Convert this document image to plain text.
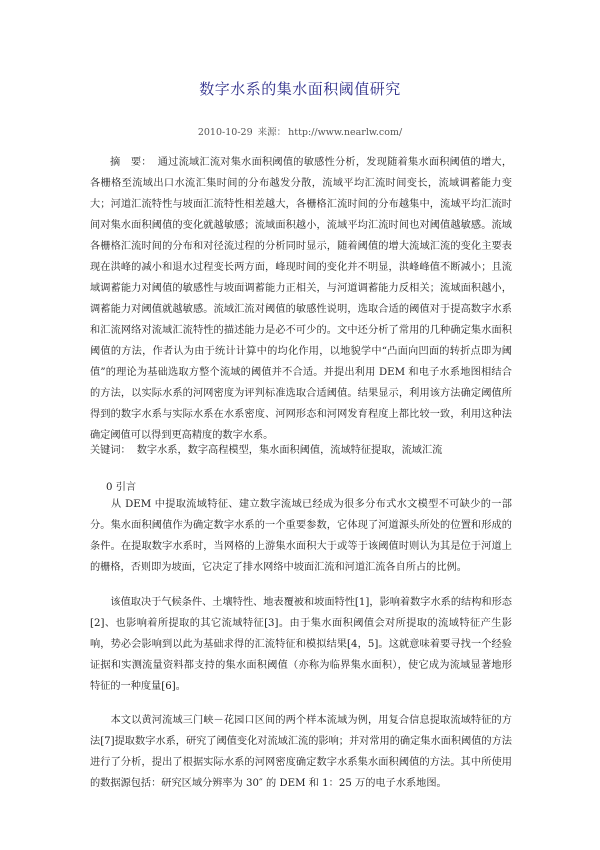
数字水系的集水面积阈值研究
2010-10-29 来源： http://www.nearlw.com/
摘　要： 通过流域汇流对集水面积阈值的敏感性分析，发现随着集水面积阈值的增大，各栅格至流域出口水流汇集时间的分布越发分散，流域平均汇流时间变长，流域调蓄能力变大；河道汇流特性与坡面汇流特性相差越大，各栅格汇流时间的分布越集中，流域平均汇流时间对集水面积阈值的变化就越敏感；流域面积越小，流域平均汇流时间也对阈值越敏感。流域各栅格汇流时间的分布和对径流过程的分析同时显示，随着阈值的增大流域汇流的变化主要表现在洪峰的减小和退水过程变长两方面，峰现时间的变化并不明显，洪峰峰值不断减小；且流域调蓄能力对阈值的敏感性与坡面调蓄能力正相关，与河道调蓄能力反相关；流域面积越小，调蓄能力对阈值就越敏感。流域汇流对阈值的敏感性说明，选取合适的阈值对于提高数字水系和汇流网络对流域汇流特性的描述能力是必不可少的。文中还分析了常用的几种确定集水面积阈值的方法，作者认为由于统计计算中的均化作用，以地貌学中“凸面向凹面的转折点即为阈值”的理论为基础选取方整个流域的阈值并不合适。并提出利用 DEM 和电子水系地图相结合的方法，以实际水系的河网密度为评判标准选取合适阈值。结果显示，利用该方法确定阈值所得到的数字水系与实际水系在水系密度、河网形态和河网发育程度上都比较一致，利用这种法确定阈值可以得到更高精度的数字水系。
关键词： 数字水系，数字高程模型，集水面积阈值，流域特征提取，流域汇流
0 引言
　　从 DEM 中提取流域特征、建立数字流域已经成为很多分布式水文模型不可缺少的一部分。集水面积阈值作为确定数字水系的一个重要参数，它体现了河道源头所处的位置和形成的条件。在提取数字水系时，当网格的上游集水面积大于或等于该阈值时则认为其是位于河道上的栅格，否则即为坡面，它决定了排水网络中坡面汇流和河道汇流各自所占的比例。
　　该值取决于气候条件、土壤特性、地表覆被和坡面特性[1]，影响着数字水系的结构和形态[2]、也影响着所提取的其它流域特征[3]。由于集水面积阈值会对所提取的流域特征产生影响，势必会影响到以此为基础求得的汇流特征和模拟结果[4，5]。这就意味着要寻找一个经验证据和实测流量资料都支持的集水面积阈值（亦称为临界集水面积），使它成为流域显著地形特征的一种度量[6]。
　　本文以黄河流域三门峡－花园口区间的两个样本流域为例，用复合信息提取流域特征的方法[7]提取数字水系，研究了阈值变化对流域汇流的影响；并对常用的确定集水面积阈值的方法进行了分析，提出了根据实际水系的河网密度确定数字水系集水面积阈值的方法。其中所使用的数据源包括：研究区域分辨率为 30″ 的 DEM 和 1：25 万的电子水系地图。
